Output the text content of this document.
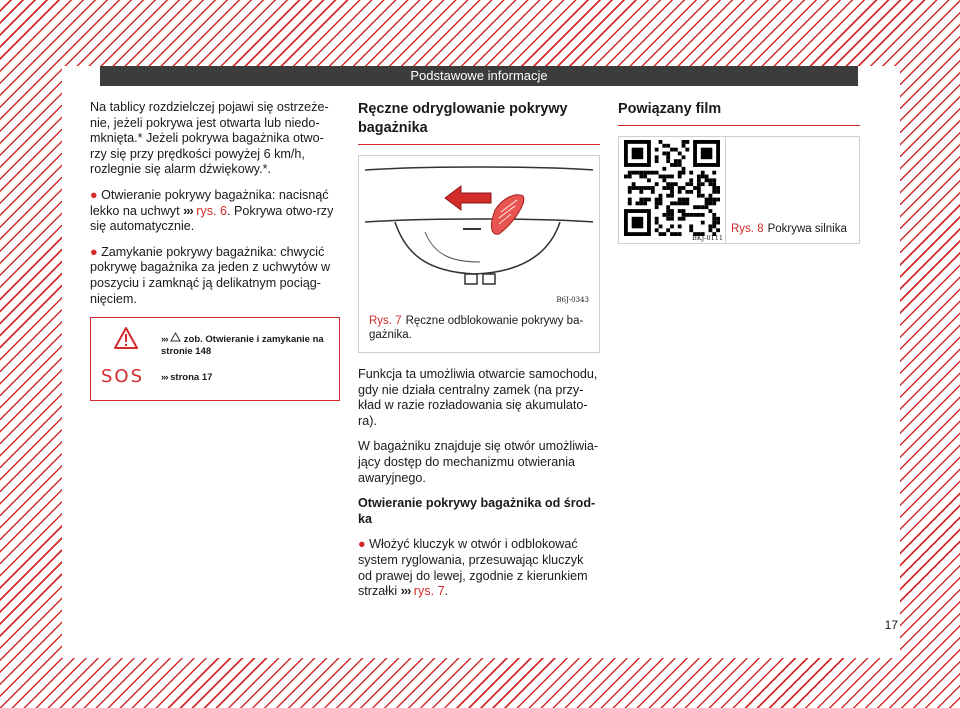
Podstawowe informacje

Na tablicy rozdzielczej pojawi się ostrzeże-nie, jeżeli pokrywa jest otwarta lub niedo-mknięta.* Jeżeli pokrywa bagażnika otwo-rzy się przy prędkości powyżej 6 km/h, rozlegnie się alarm dźwiękowy.*.

● Otwieranie pokrywy bagażnika: nacisnąć lekko na uchwyt ››› rys. 6. Pokrywa otwo-rzy się automatycznie.

● Zamykanie pokrywy bagażnika: chwycić pokrywę bagażnika za jeden z uchwytów w poszyciu i zamknąć ją delikatnym pociąg-nięciem.

SOS
››› zob. Otwieranie i zamykanie na stronie 148
››› strona 17
Ręczne odryglowanie pokrywy bagażnika
B6J-0343
Rys. 7 Ręczne odblokowanie pokrywy ba-gażnika.

Funkcja ta umożliwia otwarcie samochodu, gdy nie działa centralny zamek (na przy-kład w razie rozładowania się akumulato-ra).

W bagażniku znajduje się otwór umożliwia-jący dostęp do mechanizmu otwierania awaryjnego.

Otwieranie pokrywy bagażnika od środ-ka

● Włożyć kluczyk w otwór i odblokować system ryglowania, przesuwając kluczyk od prawej do lewej, zgodnie z kierunkiem strzałki ››› rys. 7.

Powiązany film
BKJ-0111
Rys. 8 Pokrywa silnika
17
